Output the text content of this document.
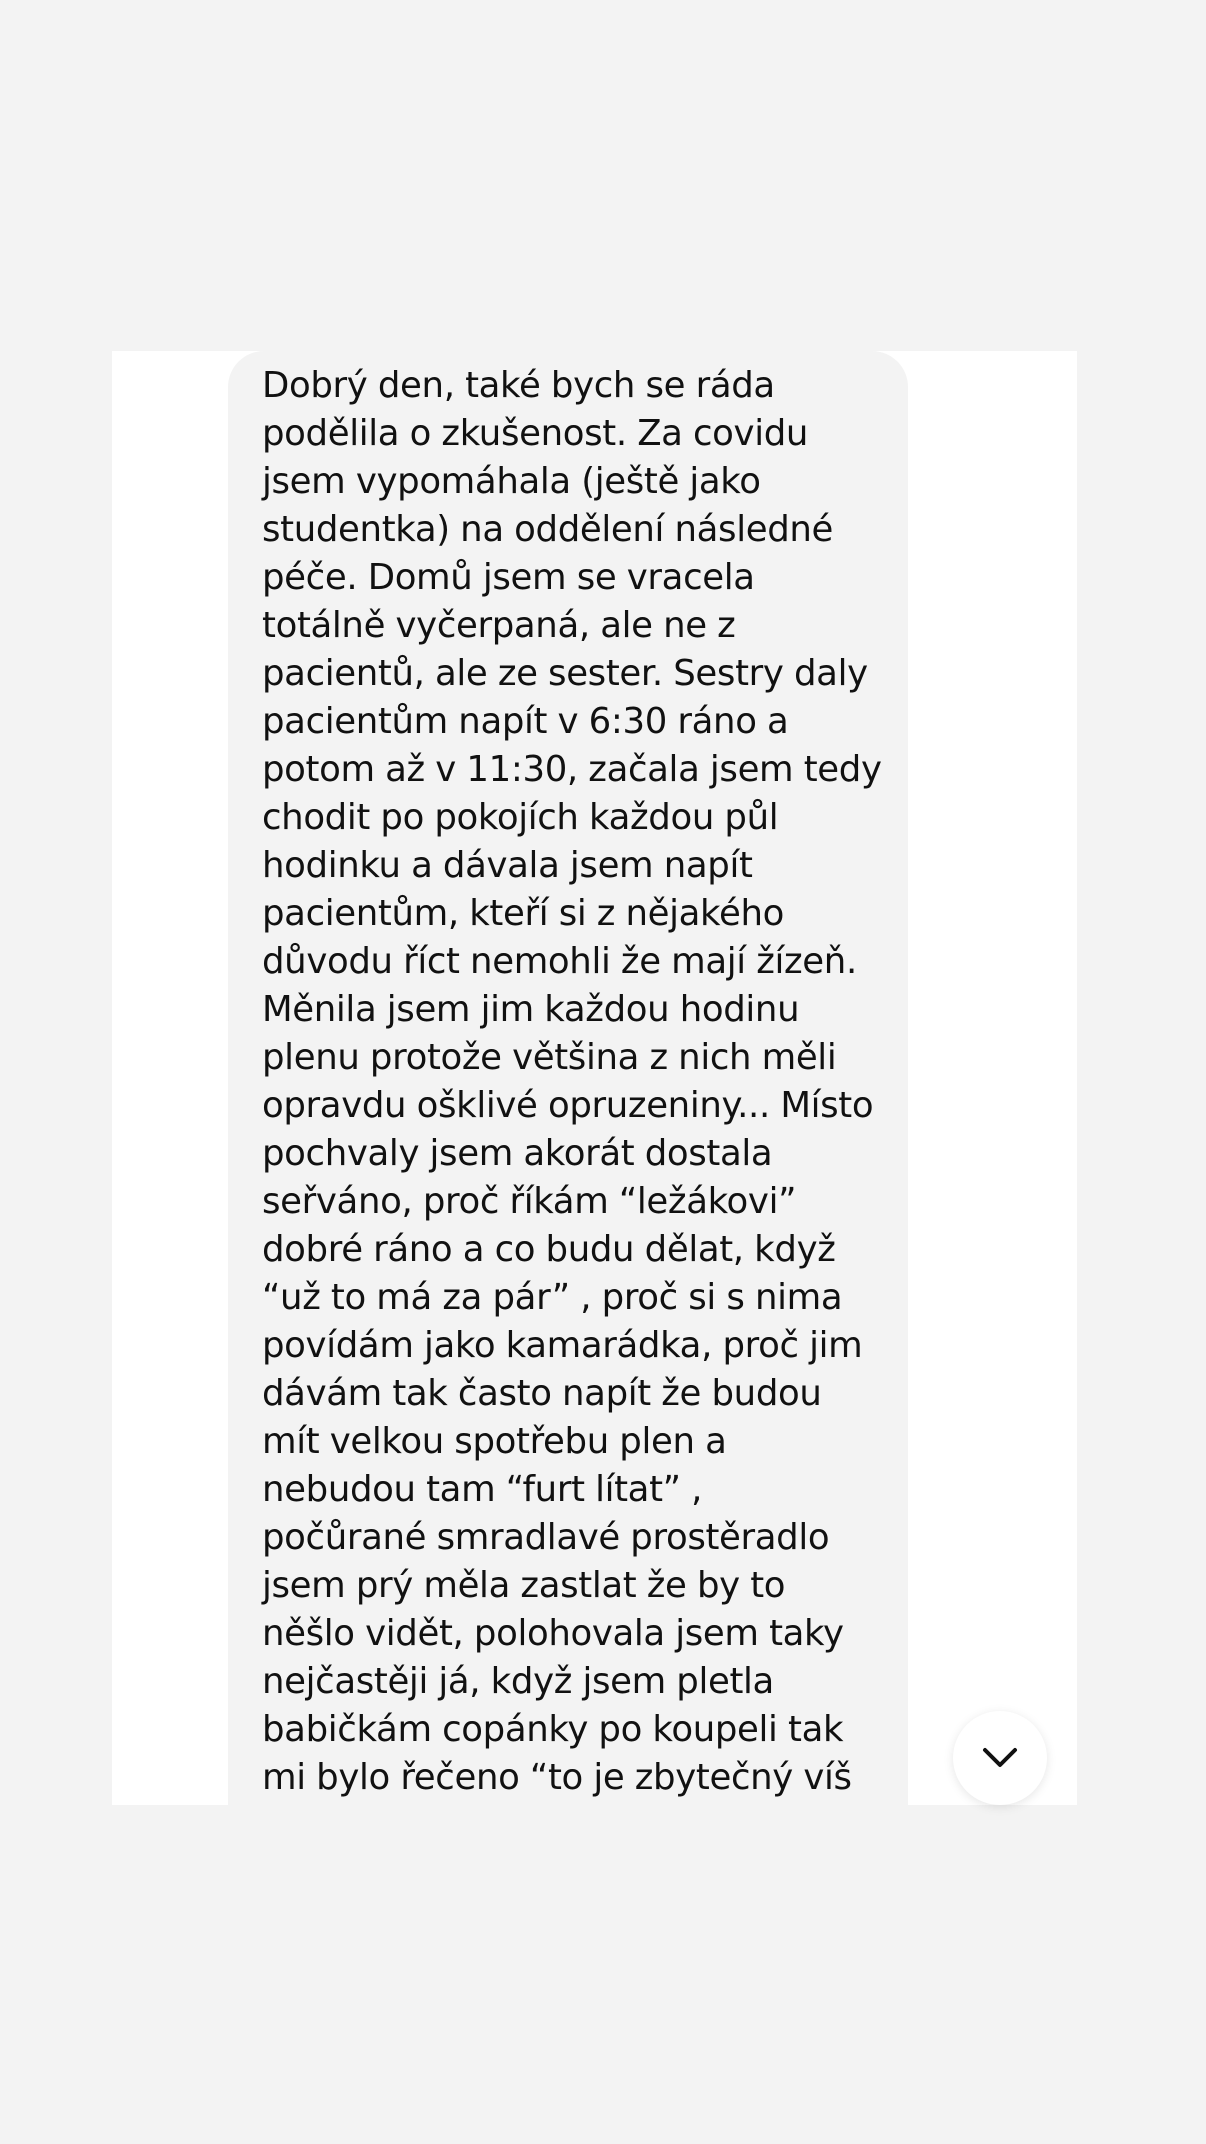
Dobrý den, také bych se ráda
podělila o zkušenost. Za covidu
jsem vypomáhala (ještě jako
studentka) na oddělení následné
péče. Domů jsem se vracela
totálně vyčerpaná, ale ne z
pacientů, ale ze sester. Sestry daly
pacientům napít v 6:30 ráno a
potom až v 11:30, začala jsem tedy
chodit po pokojích každou půl
hodinku a dávala jsem napít
pacientům, kteří si z nějakého
důvodu říct nemohli že mají žízeň.
Měnila jsem jim každou hodinu
plenu protože většina z nich měli
opravdu ošklivé opruzeniny... Místo
pochvaly jsem akorát dostala
seřváno, proč říkám “ležákovi”
dobré ráno a co budu dělat, když
“už to má za pár” , proč si s nima
povídám jako kamarádka, proč jim
dávám tak často napít že budou
mít velkou spotřebu plen a
nebudou tam “furt lítat” ,
počůrané smradlavé prostěradlo
jsem prý měla zastlat že by to
něšlo vidět, polohovala jsem taky
nejčastěji já, když jsem pletla
babičkám copánky po koupeli tak
mi bylo řečeno “to je zbytečný víš
